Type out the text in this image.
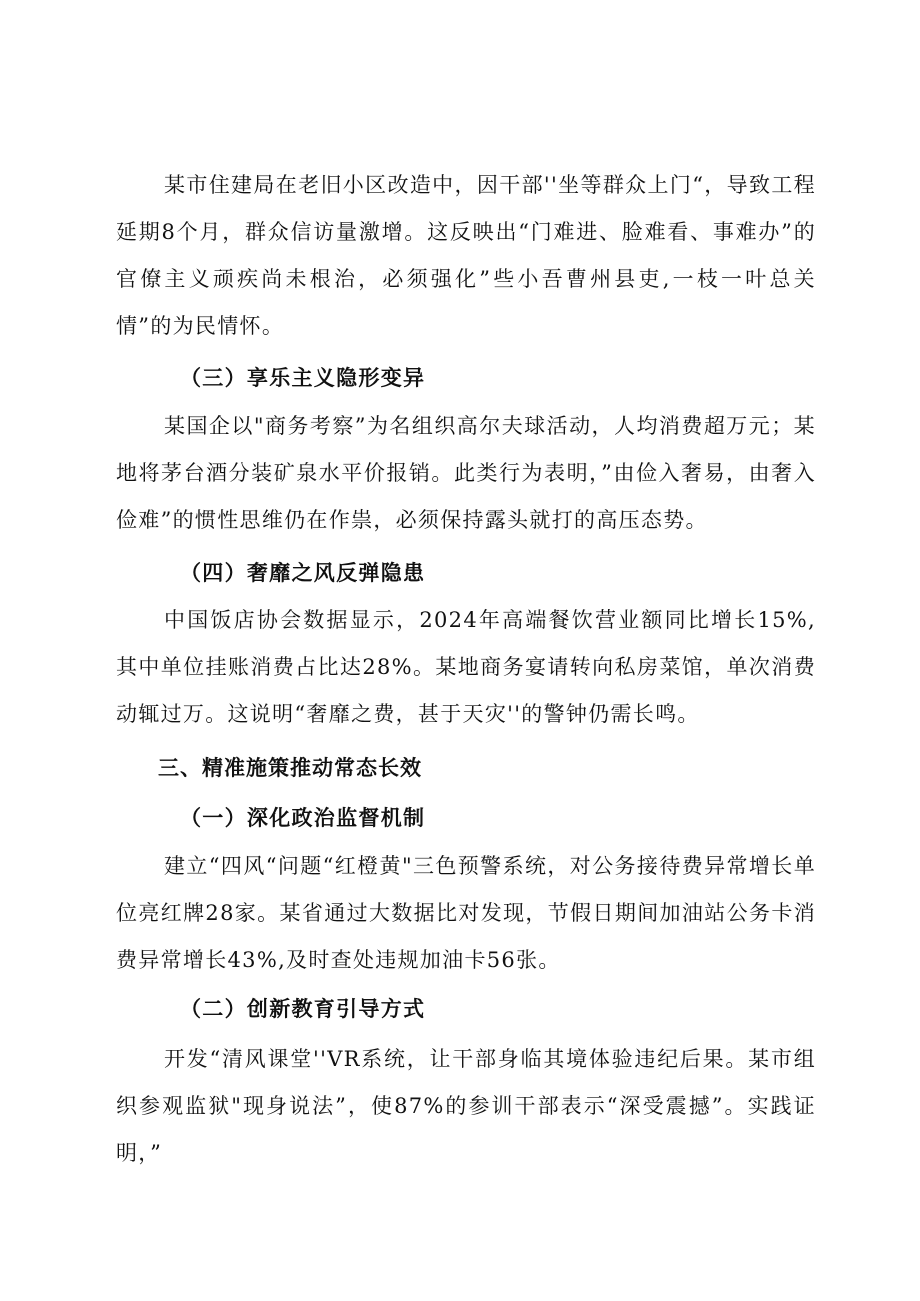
某市住建局在老旧小区改造中，因干部''坐等群众上门“，导致工程延期8个月，群众信访量激增。这反映出“门难进、脸难看、事难办”的官僚主义顽疾尚未根治，必须强化”些小吾曹州县吏,一枝一叶总关情”的为民情怀。

（三）享乐主义隐形变异

某国企以"商务考察”为名组织高尔夫球活动，人均消费超万元；某地将茅台酒分装矿泉水平价报销。此类行为表明，”由俭入奢易，由奢入俭难”的惯性思维仍在作祟，必须保持露头就打的高压态势。

（四）奢靡之风反弹隐患

中国饭店协会数据显示，2024年高端餐饮营业额同比增长15%,其中单位挂账消费占比达28%。某地商务宴请转向私房菜馆，单次消费动辄过万。这说明“奢靡之费，甚于天灾''的警钟仍需长鸣。

三、精准施策推动常态长效
（一）深化政治监督机制

建立“四风“问题“红橙黄"三色预警系统，对公务接待费异常增长单位亮红牌28家。某省通过大数据比对发现，节假日期间加油站公务卡消费异常增长43%,及时查处违规加油卡56张。

（二）创新教育引导方式

开发“清风课堂''VR系统，让干部身临其境体验违纪后果。某市组织参观监狱"现身说法”，使87%的参训干部表示“深受震撼”。实践证明，”
